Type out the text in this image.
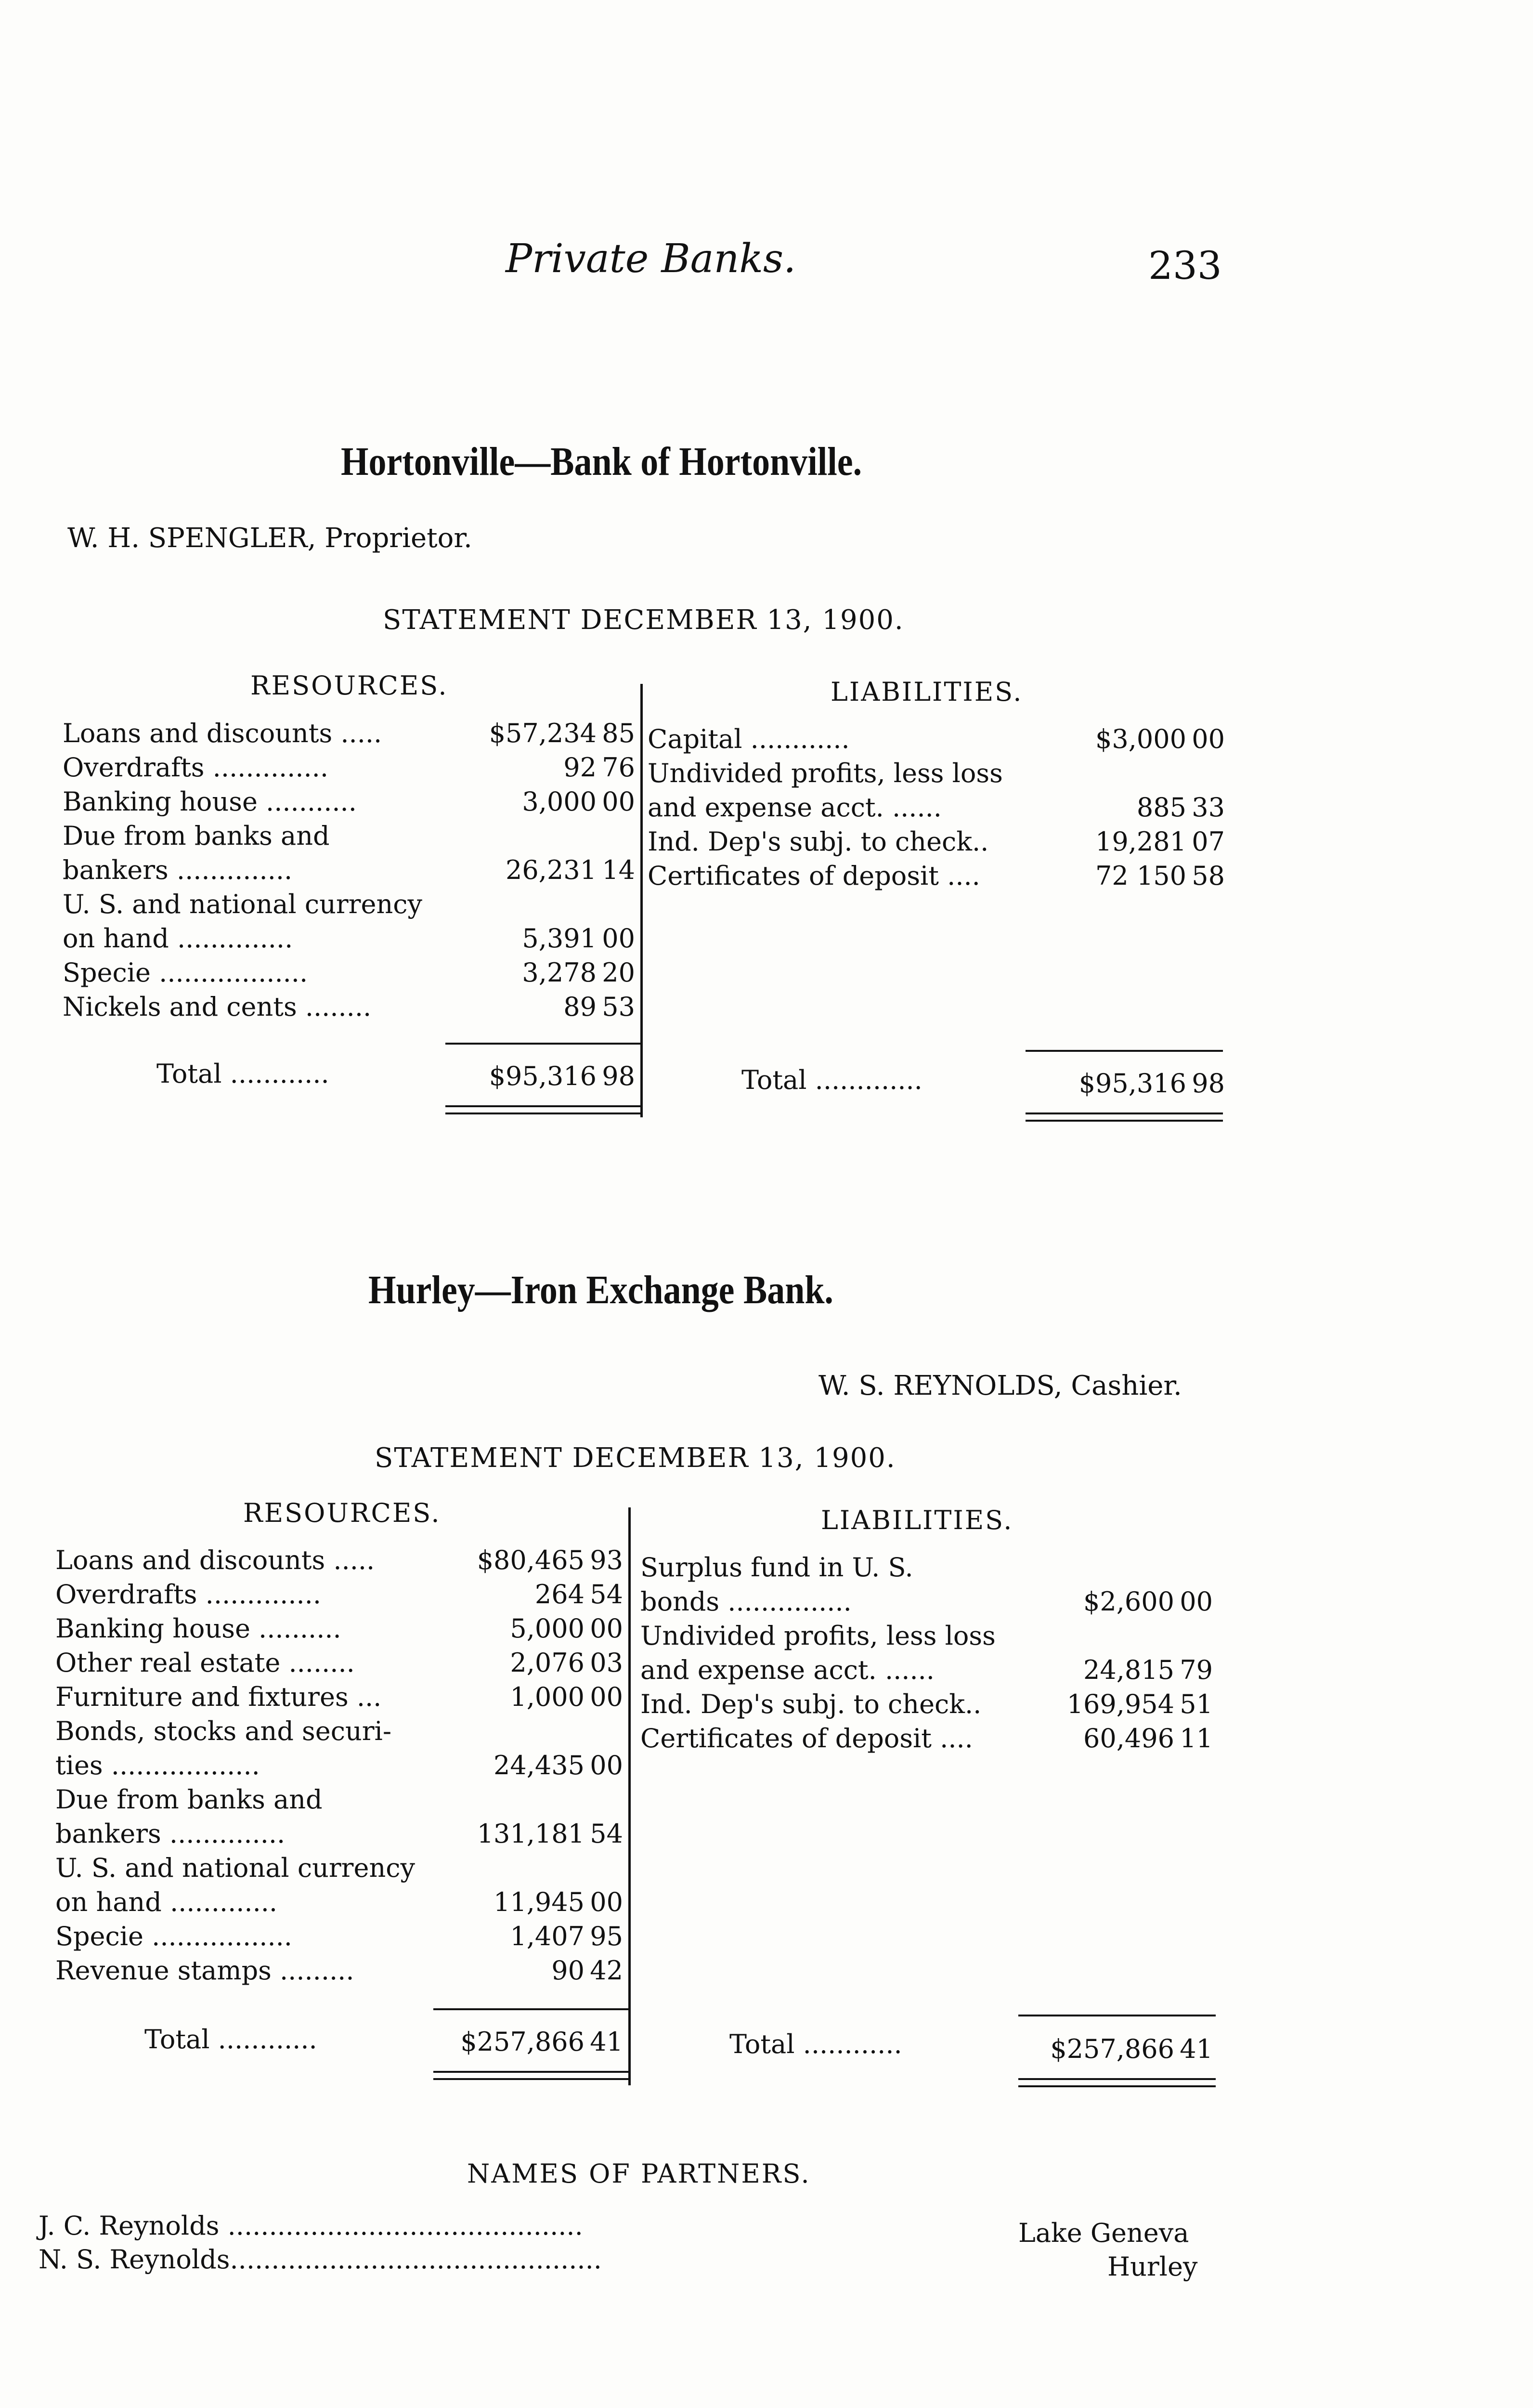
Private Banks.	233
Hortonville—Bank of Hortonville.
W. H. SPENGLER, Proprietor.
STATEMENT DECEMBER 13, 1900.
RESOURCES.	LIABILITIES.
Loans and discounts .....	$57,234 85
Overdrafts ..............	92 76
Banking house ...........	3,000 00
Due from banks and
bankers ..............	26,231 14
U. S. and national currency
on hand ..............	5,391 00
Specie ..................	3,278 20
Nickels and cents ........	89 53
Capital ............	$3,000 00
Undivided profits, less loss
and expense acct. ......	885 33
Ind. Dep's subj. to check..	19,281 07
Certificates of deposit ....	72 150 58
Total ............	$95,316 98	Total .............	$95,316 98
Hurley—Iron Exchange Bank.
W. S. REYNOLDS, Cashier.
STATEMENT DECEMBER 13, 1900.
RESOURCES.	LIABILITIES.
Loans and discounts .....	$80,465 93
Overdrafts ..............	264 54
Banking house ..........	5,000 00
Other real estate ........	2,076 03
Furniture and fixtures ...	1,000 00
Bonds, stocks and securi-
ties ..................	24,435 00
Due from banks and
bankers ..............	131,181 54
U. S. and national currency
on hand .............	11,945 00
Specie .................	1,407 95
Revenue stamps .........	90 42
Surplus fund in U. S.
bonds ...............	$2,600 00
Undivided profits, less loss
and expense acct. ......	24,815 79
Ind. Dep's subj. to check..	169,954 51
Certificates of deposit ....	60,496 11
Total ............	$257,866 41	Total ............	$257,866 41
NAMES OF PARTNERS.
J. C. Reynolds ...........................................	Lake Geneva
N. S. Reynolds.............................................	Hurley
